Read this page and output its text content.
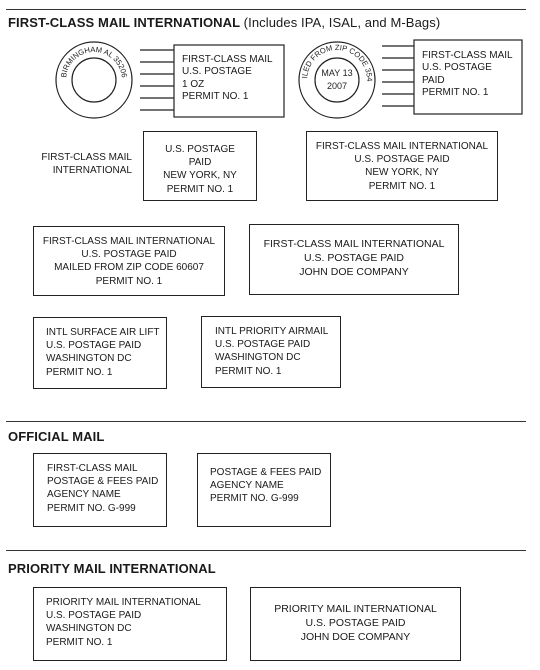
FIRST-CLASS MAIL INTERNATIONAL (Includes IPA, ISAL, and M-Bags)
BIRMINGHAM AL 35206
FIRST-CLASS MAIL
U.S. POSTAGE
1 OZ
PERMIT NO. 1
ILED FROM ZIP CODE 354
MAY 13
2007
FIRST-CLASS MAIL
U.S. POSTAGE
PAID
PERMIT NO. 1
FIRST-CLASS MAIL
INTERNATIONAL
U.S. POSTAGE
PAID
NEW YORK, NY
PERMIT NO. 1
FIRST-CLASS MAIL INTERNATIONAL
U.S. POSTAGE PAID
NEW YORK, NY
PERMIT NO. 1
FIRST-CLASS MAIL INTERNATIONAL
U.S. POSTAGE PAID
MAILED FROM ZIP CODE 60607
PERMIT NO. 1
FIRST-CLASS MAIL INTERNATIONAL
U.S. POSTAGE PAID
JOHN DOE COMPANY
INTL SURFACE AIR LIFT
U.S. POSTAGE PAID
WASHINGTON DC
PERMIT NO. 1
INTL PRIORITY AIRMAIL
U.S. POSTAGE PAID
WASHINGTON DC
PERMIT NO. 1
OFFICIAL MAIL
FIRST-CLASS MAIL
POSTAGE & FEES PAID
AGENCY NAME
PERMIT NO. G-999
POSTAGE & FEES PAID
AGENCY NAME
PERMIT NO. G-999
PRIORITY MAIL INTERNATIONAL
PRIORITY MAIL INTERNATIONAL
U.S. POSTAGE PAID
WASHINGTON DC
PERMIT NO. 1
PRIORITY MAIL INTERNATIONAL
U.S. POSTAGE PAID
JOHN DOE COMPANY
